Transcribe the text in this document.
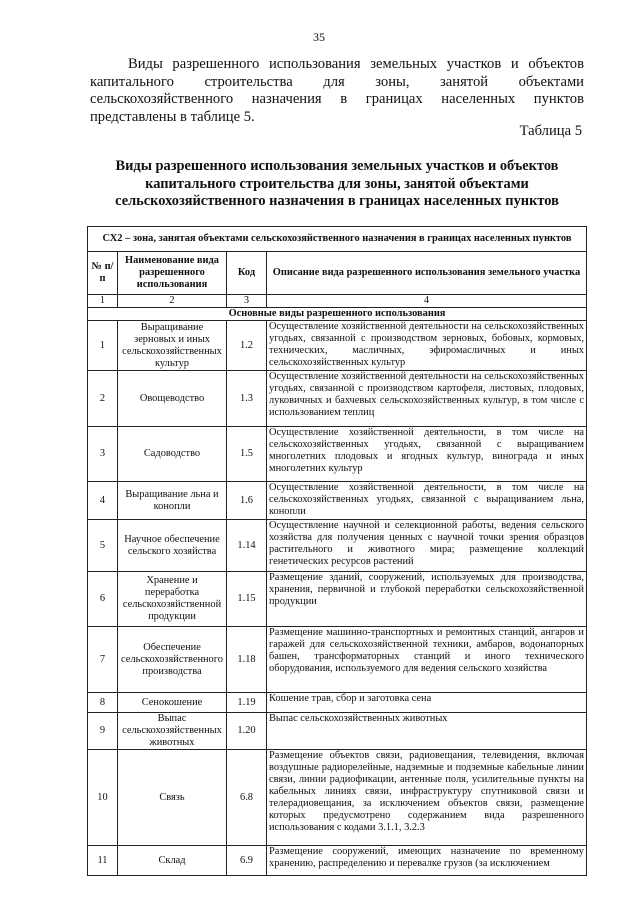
35

Виды разрешенного использования земельных участков и объектов капитального строительства для зоны, занятой объектами сельскохозяйственного назначения в границах населенных пунктов представлены в таблице 5.

Таблица 5

Виды разрешенного использования земельных участков и объектов капитального строительства для зоны, занятой объектами сельскохозяйственного назначения в границах населенных пунктов

СХ2 – зона, занятая объектами сельскохозяйственного назначения в границах населенных пунктов			
№ п/п	Наименование вида разрешенного использования	Код	Описание вида разрешенного использования земельного участка
1	2	3	4
Основные виды разрешенного использования			
1	Выращивание зерновых и иных сельскохозяйственных культур	1.2	Осуществление хозяйственной деятельности на сельскохозяйственных угодьях, связанной с производством зерновых, бобовых, кормовых, технических, масличных, эфиромасличных и иных сельскохозяйственных культур
2	Овощеводство	1.3	Осуществление хозяйственной деятельности на сельскохозяйственных угодьях, связанной с производством картофеля, листовых, плодовых, луковичных и бахчевых сельскохозяйственных культур, в том числе с использованием теплиц
3	Садоводство	1.5	Осуществление хозяйственной деятельности, в том числе на сельскохозяйственных угодьях, связанной с выращиванием многолетних плодовых и ягодных культур, винограда и иных многолетних культур
4	Выращивание льна и конопли	1.6	Осуществление хозяйственной деятельности, в том числе на сельскохозяйственных угодьях, связанной с выращиванием льна, конопли
5	Научное обеспечение сельского хозяйства	1.14	Осуществление научной и селекционной работы, ведения сельского хозяйства для получения ценных с научной точки зрения образцов растительного и животного мира; размещение коллекций генетических ресурсов растений
6	Хранение и переработка сельскохозяйственной продукции	1.15	Размещение зданий, сооружений, используемых для производства, хранения, первичной и глубокой переработки сельскохозяйственной продукции
7	Обеспечение сельскохозяйственного производства	1.18	Размещение машинно-транспортных и ремонтных станций, ангаров и гаражей для сельскохозяйственной техники, амбаров, водонапорных башен, трансформаторных станций и иного технического оборудования, используемого для ведения сельского хозяйства
8	Сенокошение	1.19	Кошение трав, сбор и заготовка сена
9	Выпас сельскохозяйственных животных	1.20	Выпас сельскохозяйственных животных
10	Связь	6.8	Размещение объектов связи, радиовещания, телевидения, включая воздушные радиорелейные, надземные и подземные кабельные линии связи, линии радиофикации, антенные поля, усилительные пункты на кабельных линиях связи, инфраструктуру спутниковой связи и телерадиовещания, за исключением объектов связи, размещение которых предусмотрено содержанием вида разрешенного использования с кодами 3.1.1, 3.2.3
11	Склад	6.9	Размещение сооружений, имеющих назначение по временному хранению, распределению и перевалке грузов (за исключением
